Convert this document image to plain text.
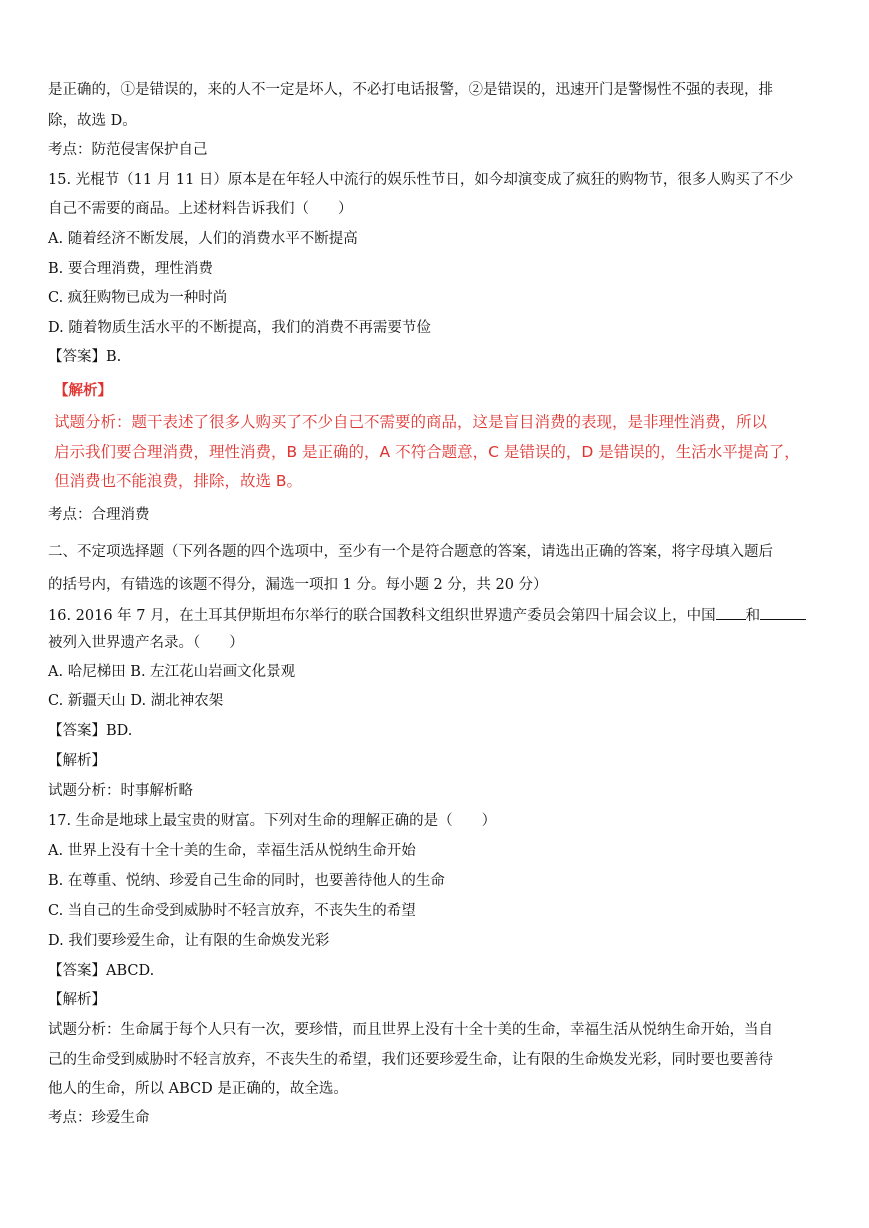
是正确的，①是错误的，来的人不一定是坏人，不必打电话报警，②是错误的，迅速开门是警惕性不强的表现，排
除，故选 D。
考点：防范侵害保护自己
15. 光棍节（11 月 11 日）原本是在年轻人中流行的娱乐性节日，如今却演变成了疯狂的购物节，很多人购买了不少
自己不需要的商品。上述材料告诉我们（　　）
A. 随着经济不断发展，人们的消费水平不断提高
B. 要合理消费，理性消费
C. 疯狂购物已成为一种时尚
D. 随着物质生活水平的不断提高，我们的消费不再需要节俭
【答案】B.
【解析】
试题分析：题干表述了很多人购买了不少自己不需要的商品，这是盲目消费的表现，是非理性消费，所以
启示我们要合理消费，理性消费，B 是正确的，A 不符合题意，C 是错误的，D 是错误的，生活水平提高了，
但消费也不能浪费，排除，故选 B。
考点：合理消费
二、不定项选择题（下列各题的四个选项中，至少有一个是符合题意的答案，请选出正确的答案，将字母填入题后
的括号内，有错选的该题不得分，漏选一项扣 1 分。每小题 2 分，共 20 分）
16. 2016 年 7 月，在土耳其伊斯坦布尔举行的联合国教科文组织世界遗产委员会第四十届会议上，中国 和
被列入世界遗产名录。（　　）
A. 哈尼梯田 B. 左江花山岩画文化景观
C. 新疆天山 D. 湖北神农架
【答案】BD.
【解析】
试题分析：时事解析略
17. 生命是地球上最宝贵的财富。下列对生命的理解正确的是（　　）
A. 世界上没有十全十美的生命，幸福生活从悦纳生命开始
B. 在尊重、悦纳、珍爱自己生命的同时，也要善待他人的生命
C. 当自己的生命受到威胁时不轻言放弃，不丧失生的希望
D. 我们要珍爱生命，让有限的生命焕发光彩
【答案】ABCD.
【解析】
试题分析：生命属于每个人只有一次，要珍惜，而且世界上没有十全十美的生命，幸福生活从悦纳生命开始，当自
己的生命受到威胁时不轻言放弃，不丧失生的希望，我们还要珍爱生命，让有限的生命焕发光彩，同时要也要善待
他人的生命，所以 ABCD 是正确的，故全选。
考点：珍爱生命
